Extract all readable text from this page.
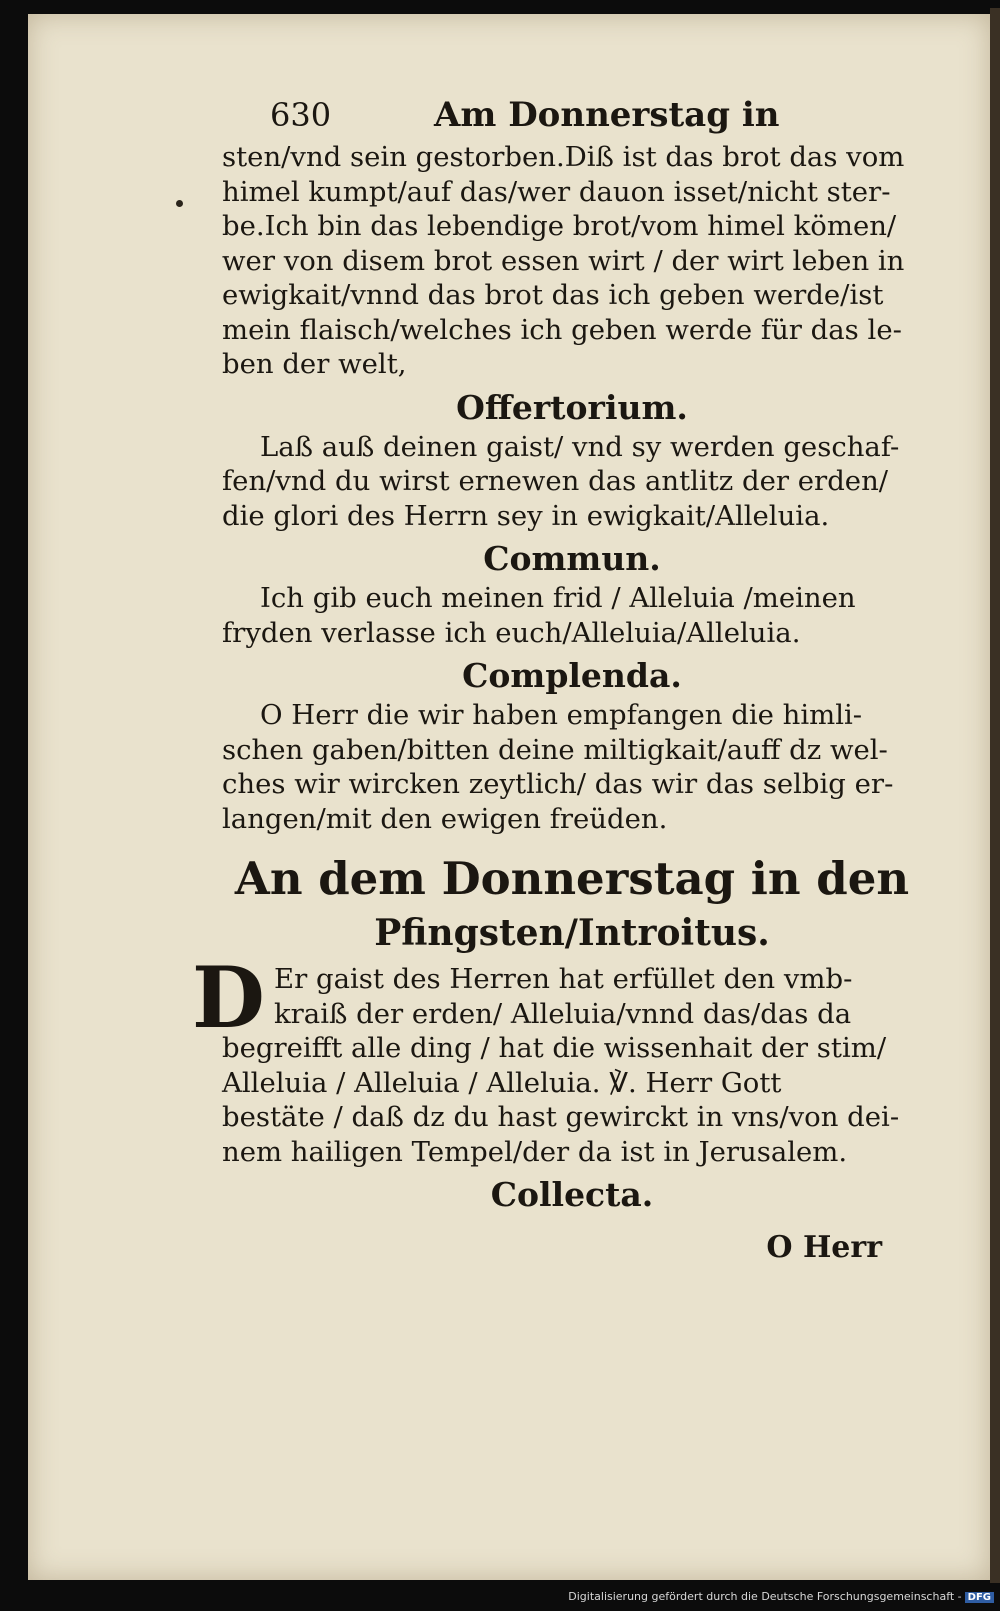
630	Am Donnerstag in
sten/vnd sein gestorben.Diß ist das brot das vom
himel kumpt/auf das/wer dauon isset/nicht ster-
be.Ich bin das lebendige brot/vom himel kömen/
wer von disem brot essen wirt / der wirt leben in
ewigkait/vnnd das brot das ich geben werde/ist
mein flaisch/welches ich geben werde für das le-
ben der welt,
Offertorium.
Laß auß deinen gaist/ vnd sy werden geschaf-
fen/vnd du wirst ernewen das antlitz der erden/
die glori des Herrn sey in ewigkait/Alleluia.
Commun.
Ich gib euch meinen frid / Alleluia /meinen
fryden verlasse ich euch/Alleluia/Alleluia.
Complenda.
O Herr die wir haben empfangen die himli-
schen gaben/bitten deine miltigkait/auff dz wel-
ches wir wircken zeytlich/ das wir das selbig er-
langen/mit den ewigen freüden.
An dem Donnerstag in den
Pfingsten/Introitus.
D Er gaist des Herren hat erfüllet den vmb-
kraiß der erden/ Alleluia/vnnd das/das da
begreifft alle ding / hat die wissenhait der stim/
Alleluia / Alleluia / Alleluia. ℣. Herr Gott
bestäte / daß dz du hast gewirckt in vns/von dei-
nem hailigen Tempel/der da ist in Jerusalem.
Collecta.
O Herr
Digitalisierung gefördert durch die Deutsche Forschungsgemeinschaft - DFG
